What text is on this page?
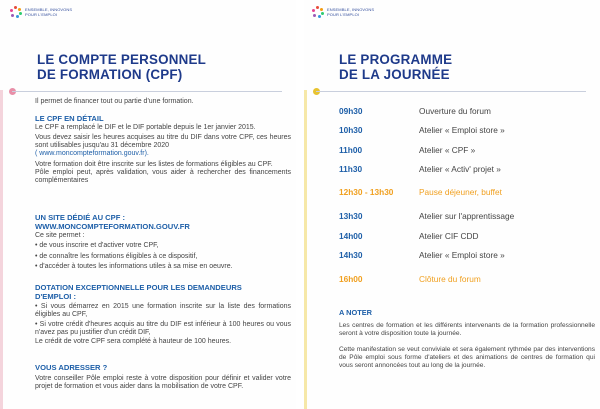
ENSEMBLE, INNOVONS
POUR L'EMPLOI
LE COMPTE PERSONNEL
DE FORMATION (CPF)
Il permet de financer tout ou partie d'une formation.

LE CPF EN DÉTAIL

Le CPF a remplacé le DIF et le DIF portable depuis le 1er janvier 2015.

Vous devez saisir les heures acquises au titre du DIF dans votre CPF, ces heures sont utilisables jusqu'au 31 décembre 2020

( www.moncompteformation.gouv.fr).

Votre formation doit être inscrite sur les listes de formations éligibles au CPF.

Pôle emploi peut, après validation, vous aider à rechercher des financements complémentaires

UN SITE DÉDIÉ AU CPF :

WWW.MONCOMPTEFORMATION.GOUV.FR

Ce site permet :

• de vous inscrire et d'activer votre CPF,

• de connaître les formations éligibles à ce dispositif,

• d'accéder à toutes les informations utiles à sa mise en oeuvre.

DOTATION EXCEPTIONNELLE POUR LES DEMANDEURS

D'EMPLOI :

• Si vous démarrez en 2015 une formation inscrite sur la liste des formations éligibles au CPF,

• Si votre crédit d'heures acquis au titre du DIF est inférieur à 100 heures ou vous n'avez pas pu justifier d'un crédit DIF,

Le crédit de votre CPF sera complété à hauteur de 100 heures.

VOUS ADRESSER ?

Votre conseiller Pôle emploi reste à votre disposition pour définir et valider votre projet de formation et vous aider dans la mobilisation de votre CPF.

ENSEMBLE, INNOVONS
POUR L'EMPLOI
LE PROGRAMME
DE LA JOURNÉE
09h30	Ouverture du forum
10h30	Atelier « Emploi store »
11h00	Atelier « CPF »
11h30	Atelier « Activ' projet »
12h30 - 13h30	Pause déjeuner, buffet
13h30	Atelier sur l'apprentissage
14h00	Atelier CIF CDD
14h30	Atelier « Emploi store »
16h00	Clôture du forum
A NOTER
Les centres de formation et les différents intervenants de la formation professionnelle seront à votre disposition toute la journée.
Cette manifestation se veut conviviale et sera également rythmée par des interventions de Pôle emploi sous forme d'ateliers et des animations de centres de formation qui vous seront annoncées tout au long de la journée.
